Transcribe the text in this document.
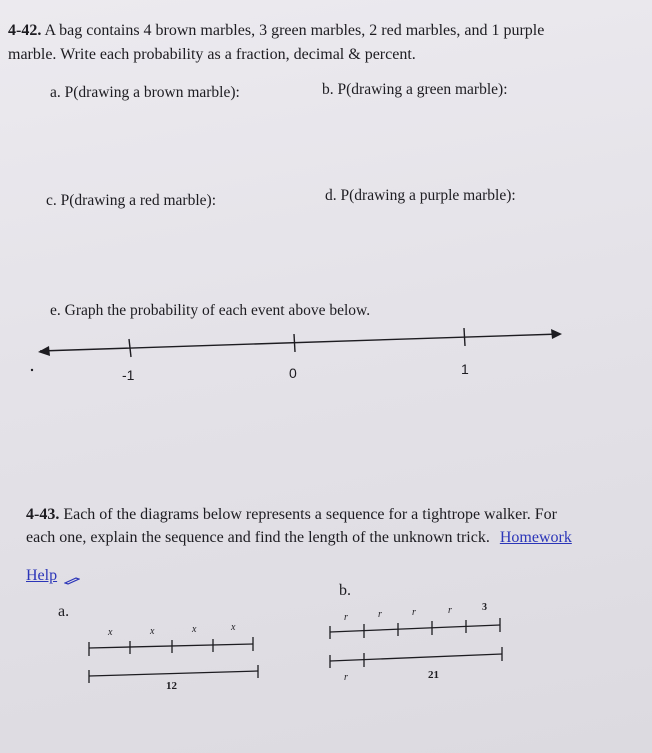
4-42. A bag contains 4 brown marbles, 3 green marbles, 2 red marbles, and 1 purple
marble. Write each probability as a fraction, decimal & percent.
a. P(drawing a brown marble):	b. P(drawing a green marble):
c. P(drawing a red marble):	d. P(drawing a purple marble):
e. Graph the probability of each event above below.
-1	0	1
4-43. Each of the diagrams below represents a sequence for a tightrope walker. For
each one, explain the sequence and find the length of the unknown trick. Homework
Help
a.
x	x	x	x
12
b.
r	r	r	r	3
r	21
